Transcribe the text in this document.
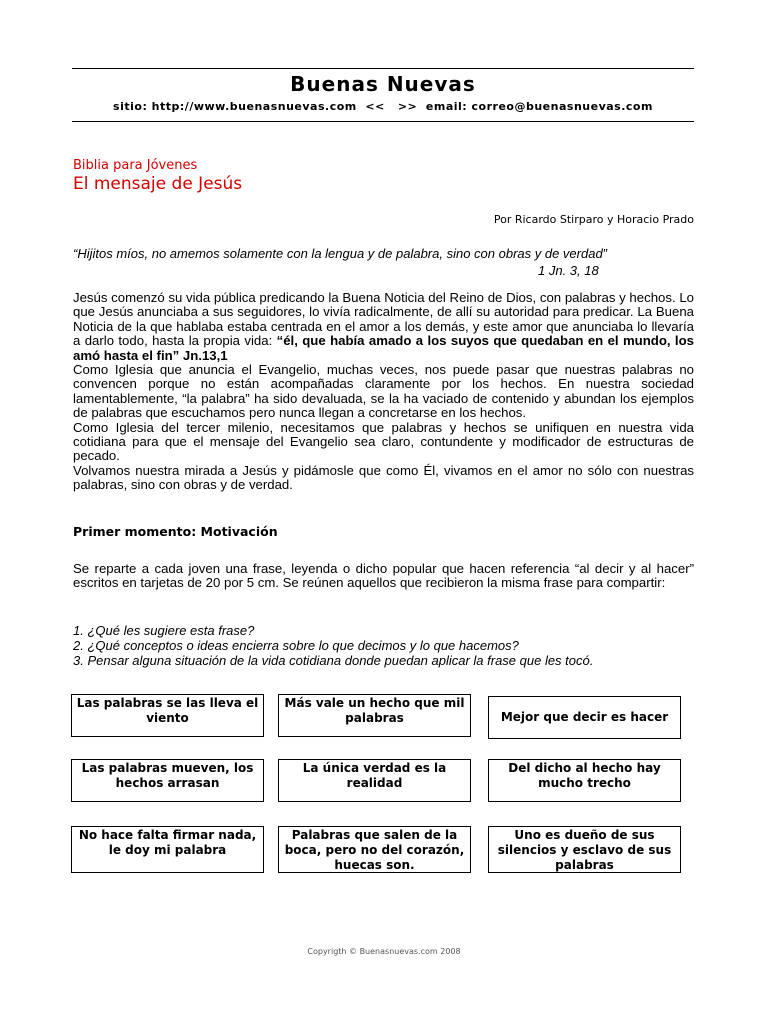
Buenas Nuevas
sitio: http://www.buenasnuevas.com  <<   >>  email: correo@buenasnuevas.com
Biblia para Jóvenes
El mensaje de Jesús
Por Ricardo Stirparo y Horacio Prado
“Hijitos míos, no amemos solamente con la lengua y de palabra, sino con obras y de verdad”
1 Jn. 3, 18

Jesús comenzó su vida pública predicando la Buena Noticia del Reino de Dios, con palabras y hechos. Lo que Jesús anunciaba a sus seguidores, lo vivía radicalmente, de allí su autoridad para predicar. La Buena Noticia de la que hablaba estaba centrada en el amor a los demás, y este amor que anunciaba lo llevaría a darlo todo, hasta la propia vida: “él, que había amado a los suyos que quedaban en el mundo, los amó hasta el fin” Jn.13,1

Como Iglesia que anuncia el Evangelio, muchas veces, nos puede pasar que nuestras palabras no convencen porque no están acompañadas claramente por los hechos. En nuestra sociedad lamentablemente, “la palabra” ha sido devaluada, se la ha vaciado de contenido y abundan los ejemplos de palabras que escuchamos pero nunca llegan a concretarse en los hechos.

Como Iglesia del tercer milenio, necesitamos que palabras y hechos se unifiquen en nuestra vida cotidiana para que el mensaje del Evangelio sea claro, contundente y modificador de estructuras de pecado.

Volvamos nuestra mirada a Jesús y pidámosle que como Él, vivamos en el amor no sólo con nuestras palabras, sino con obras y de verdad.

Primer momento: Motivación
Se reparte a cada joven una frase, leyenda o dicho popular que hacen referencia “al decir y al hacer” escritos en tarjetas de 20 por 5 cm. Se reúnen aquellos que recibieron la misma frase para compartir:
1. ¿Qué les sugiere esta frase?
2. ¿Qué conceptos o ideas encierra sobre lo que decimos y lo que hacemos?
3. Pensar alguna situación de la vida cotidiana donde puedan aplicar la frase que les tocó.
Las palabras se las lleva el viento
Más vale un hecho que mil palabras	Mejor que decir es hacer
Las palabras mueven, los hechos arrasan
La única verdad es la realidad
Del dicho al hecho hay mucho trecho
No hace falta firmar nada, le doy mi palabra
Palabras que salen de la boca, pero no del corazón, huecas son.
Uno es dueño de sus silencios y esclavo de sus palabras
Copyrigth © Buenasnuevas.com 2008
